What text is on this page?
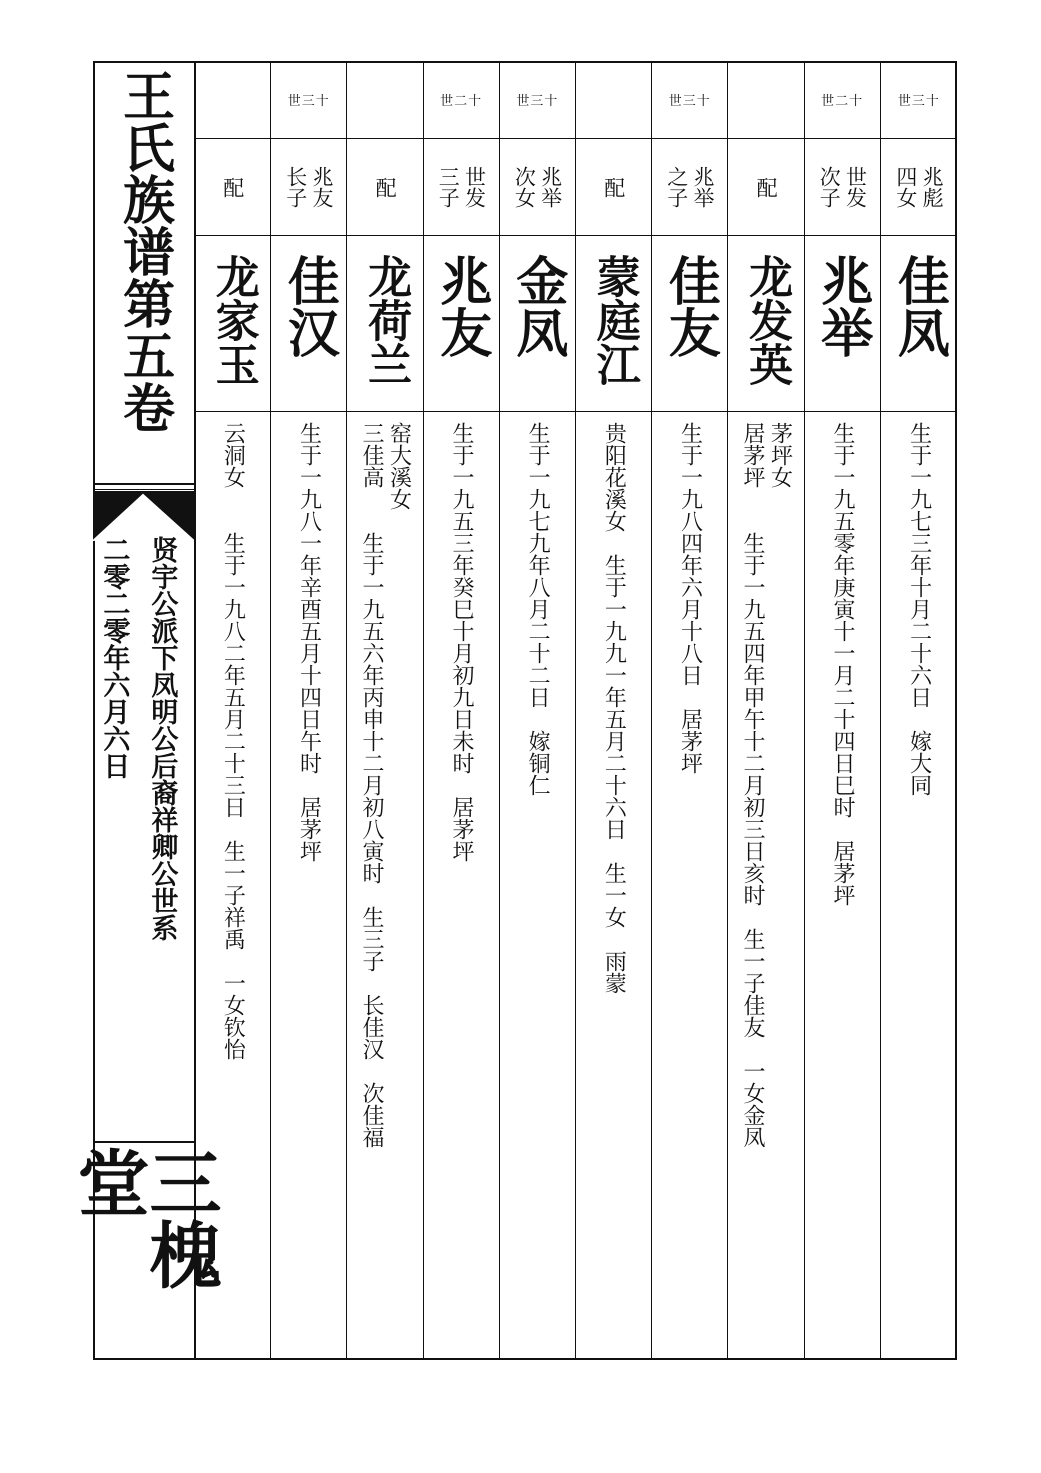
王氏族谱第五卷
贤宇公派下凤明公后裔祥卿公世系
二零二零年六月六日
三槐堂
配
龙家玉
云洞女　　生于一九八二年五月二十三日　生一子祥禹　一女钦怡
世三十
兆友
长子
佳汉
生于一九八一年辛酉五月十四日午时　居茅坪
配
龙荷兰
窑大溪女
三佳高　　生于一九五六年丙申十二月初八寅时　生三子　长佳汉　次佳福
世二十
世发
三子
兆友
生于一九五三年癸巳十月初九日未时　居茅坪
世三十
兆举
次女
金凤
生于一九七九年八月二十二日　嫁铜仁
配
蒙庭江
贵阳花溪女　生于一九九一年五月二十六日　生一女　雨蒙
世三十
兆举
之子
佳友
生于一九八四年六月十八日　居茅坪
配
龙发英
茅坪女
居茅坪　　生于一九五四年甲午十二月初三日亥时　生一子佳友　一女金凤
世二十
世发
次子
兆举
生于一九五零年庚寅十一月二十四日巳时　居茅坪
世三十
兆彪
四女
佳凤
生于一九七三年十月二十六日　嫁大同
